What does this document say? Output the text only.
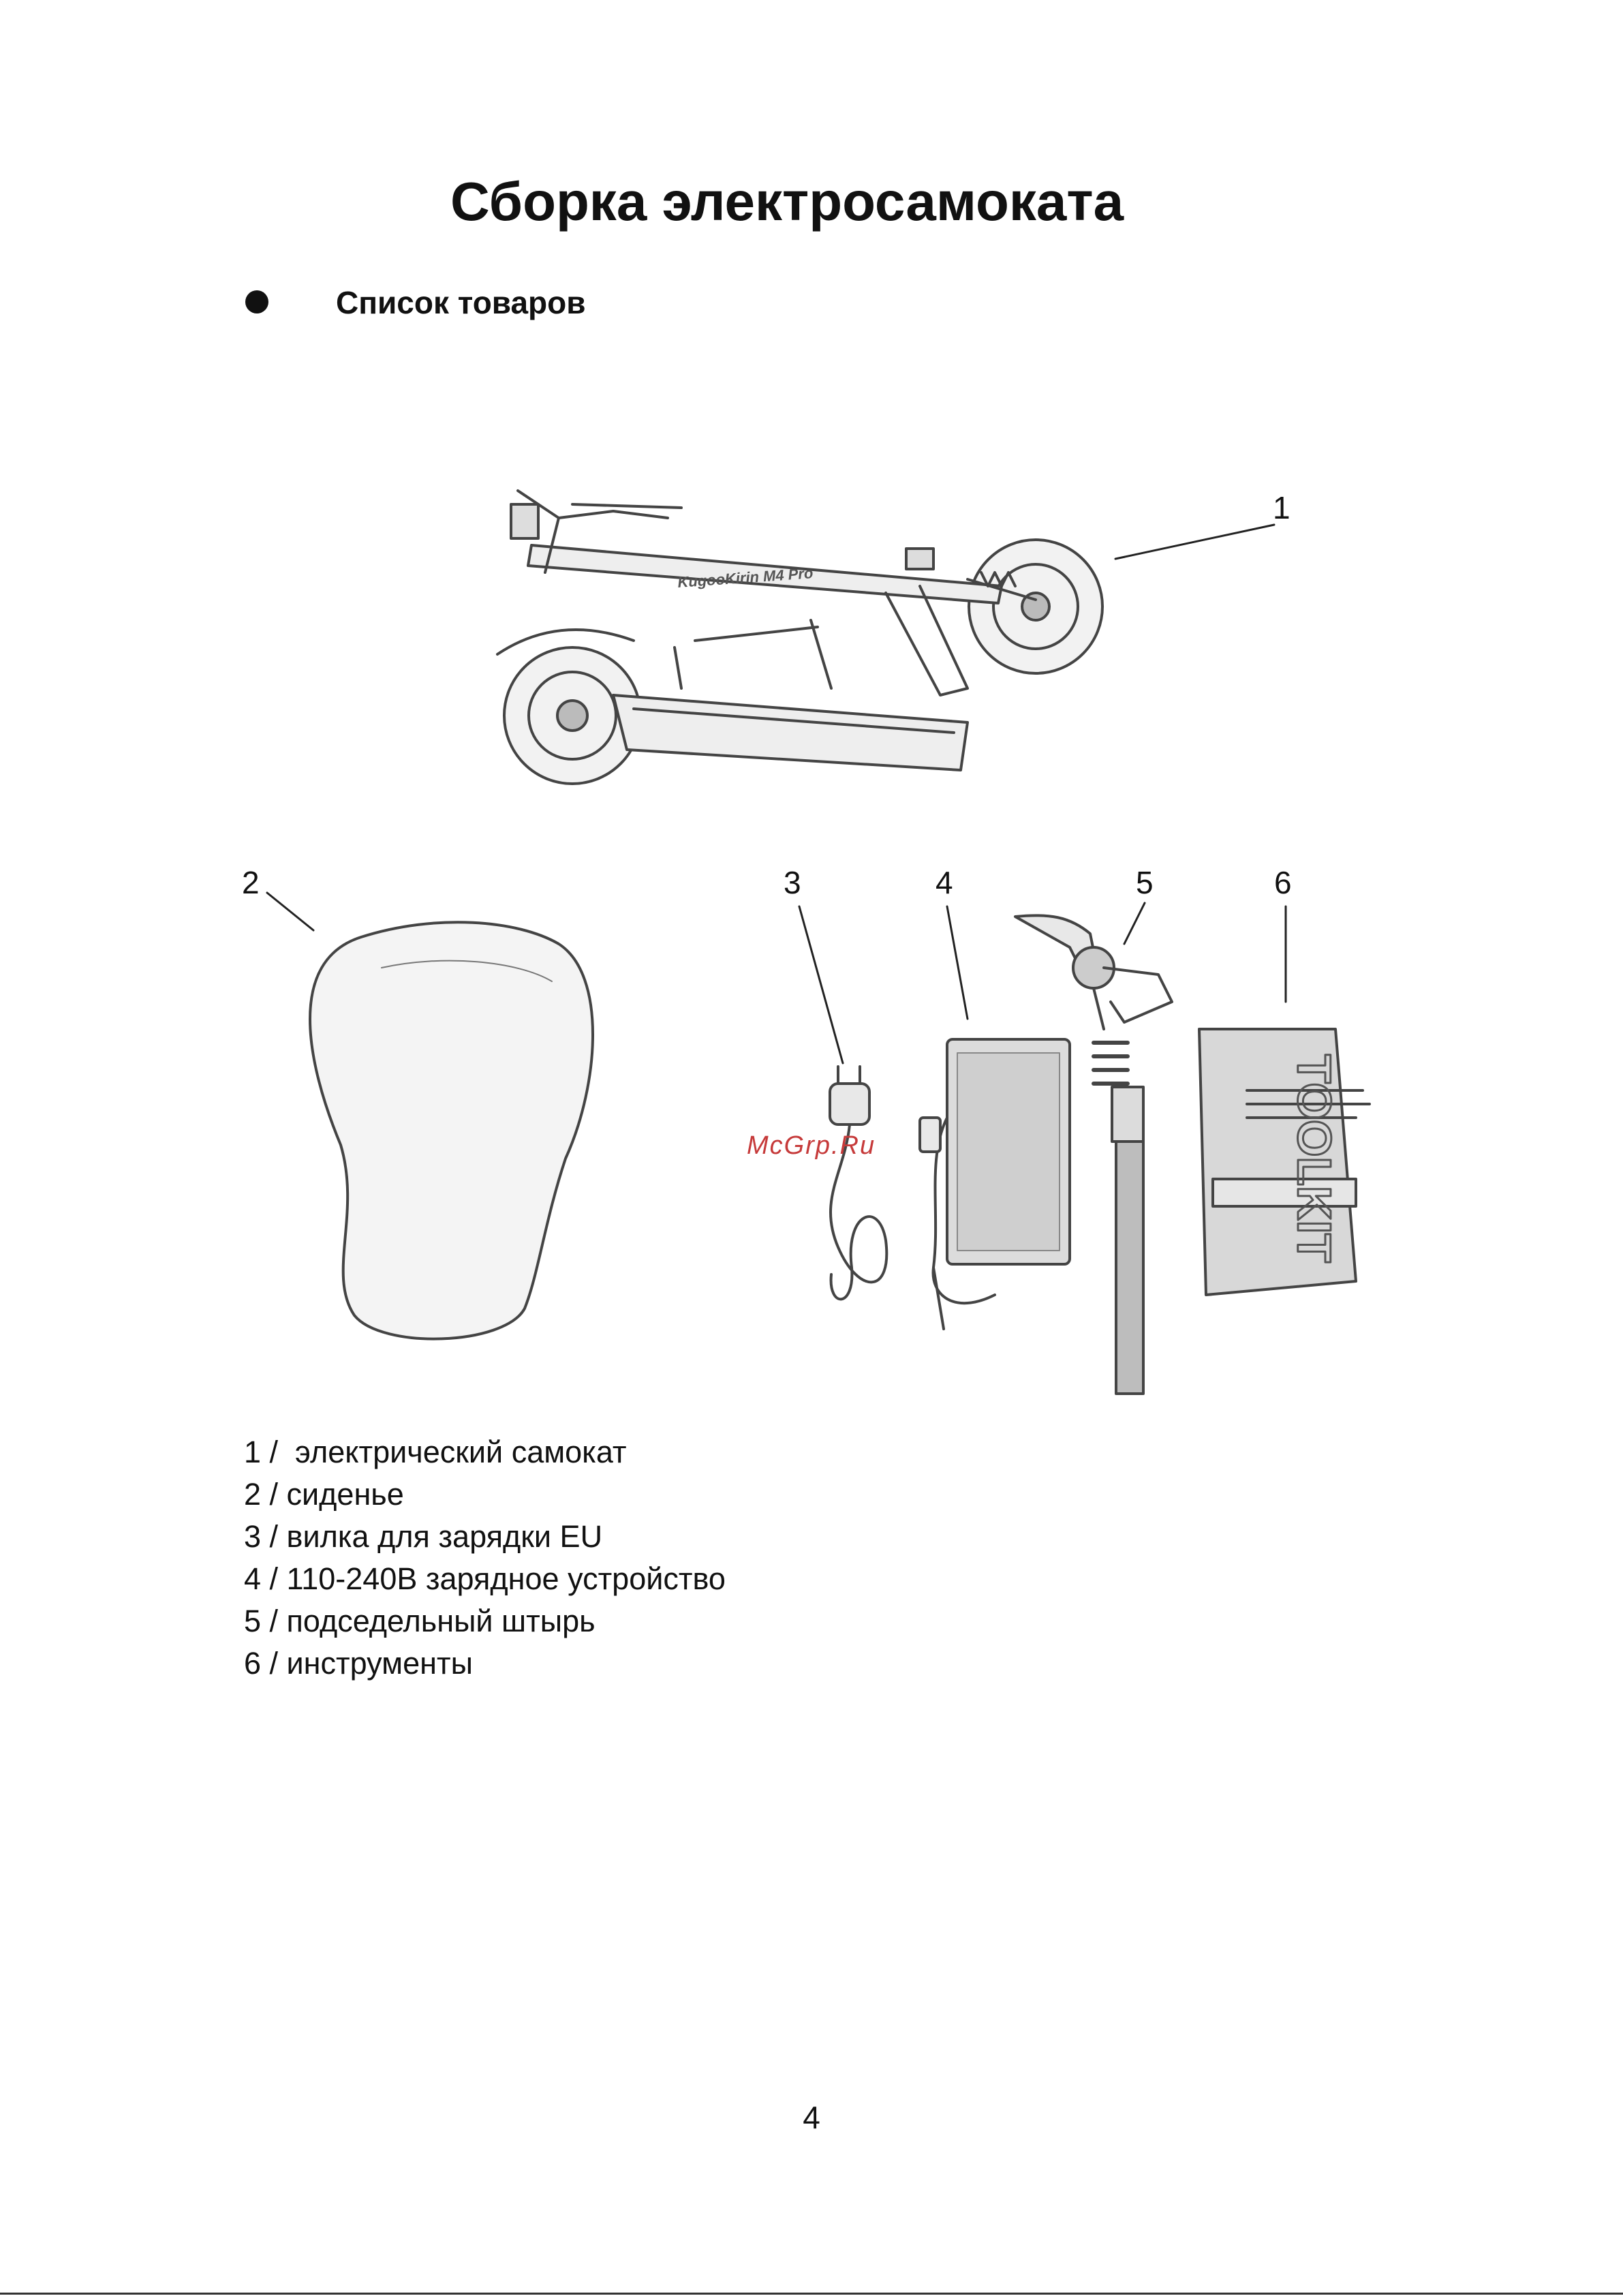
Сборка электросамоката
Список товаров
KugooKirin M4 Pro
TOOLKIT
1
2	3	4	5	6
McGrp.Ru
1 /  электрический самокат
2 / сиденье
3 / вилка для зарядки EU
4 / 110-240В зарядное устройство
5 / подседельный штырь
6 / инструменты
4
